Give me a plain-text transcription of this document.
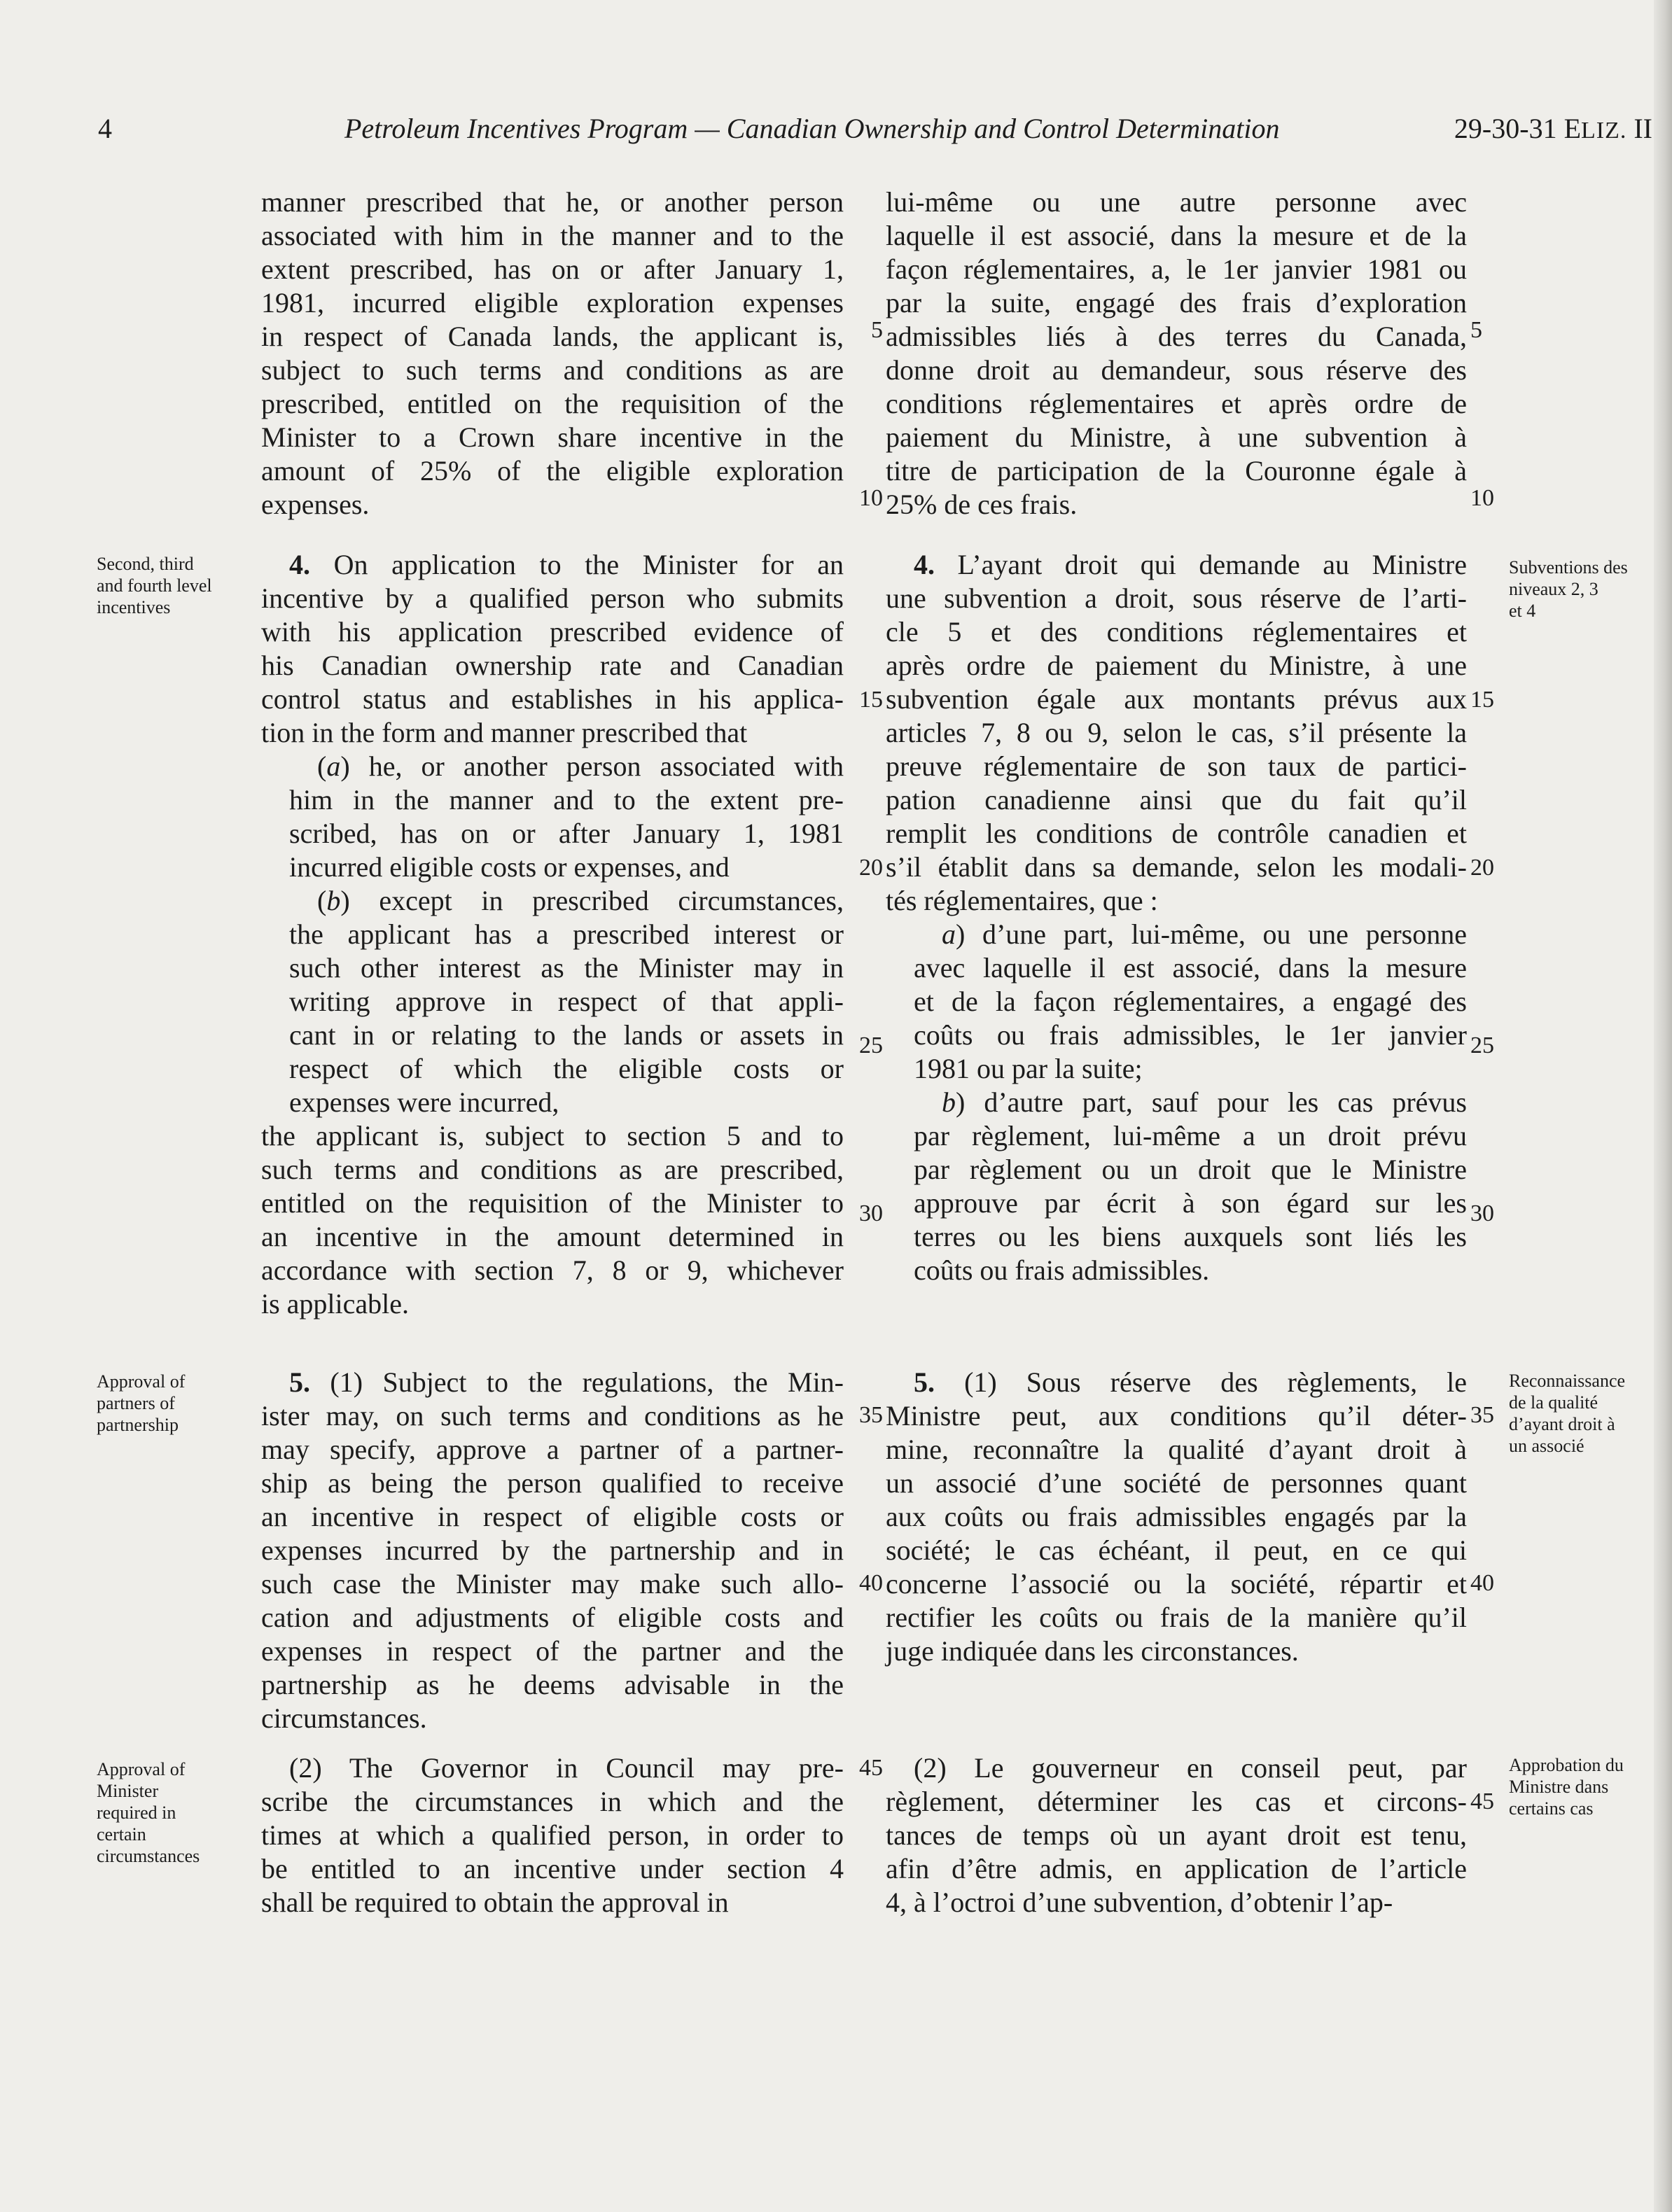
4	Petroleum Incentives Program — Canadian Ownership and Control Determination	29-30-31 ELIZ. II
Second, third
and fourth level
incentives
Approval of
partners of
partnership
Approval of
Minister
required in
certain
circumstances
Subventions des
niveaux 2, 3
et 4
Reconnaissance
de la qualité
d’ayant droit à
un associé
Approbation du
Ministre dans
certains cas
5
10
15
20
25
30
35
40
45
5
10
15
20
25
30
35
40
45
manner prescribed that he, or another person
associated with him in the manner and to the
extent prescribed, has on or after January 1,
1981, incurred eligible exploration expenses
in respect of Canada lands, the applicant is,
subject to such terms and conditions as are
prescribed, entitled on the requisition of the
Minister to a Crown share incentive in the
amount of 25% of the eligible exploration
expenses.
4. On application to the Minister for an
incentive by a qualified person who submits
with his application prescribed evidence of
his Canadian ownership rate and Canadian
control status and establishes in his applica-
tion in the form and manner prescribed that
(a) he, or another person associated with
him in the manner and to the extent pre-
scribed, has on or after January 1, 1981
incurred eligible costs or expenses, and
(b) except in prescribed circumstances,
the applicant has a prescribed interest or
such other interest as the Minister may in
writing approve in respect of that appli-
cant in or relating to the lands or assets in
respect of which the eligible costs or
expenses were incurred,
the applicant is, subject to section 5 and to
such terms and conditions as are prescribed,
entitled on the requisition of the Minister to
an incentive in the amount determined in
accordance with section 7, 8 or 9, whichever
is applicable.
5. (1) Subject to the regulations, the Min-
ister may, on such terms and conditions as he
may specify, approve a partner of a partner-
ship as being the person qualified to receive
an incentive in respect of eligible costs or
expenses incurred by the partnership and in
such case the Minister may make such allo-
cation and adjustments of eligible costs and
expenses in respect of the partner and the
partnership as he deems advisable in the
circumstances.
(2) The Governor in Council may pre-
scribe the circumstances in which and the
times at which a qualified person, in order to
be entitled to an incentive under section 4
shall be required to obtain the approval in
lui-même ou une autre personne avec
laquelle il est associé, dans la mesure et de la
façon réglementaires, a, le 1er janvier 1981 ou
par la suite, engagé des frais d’exploration
admissibles liés à des terres du Canada,
donne droit au demandeur, sous réserve des
conditions réglementaires et après ordre de
paiement du Ministre, à une subvention à
titre de participation de la Couronne égale à
25% de ces frais.
4. L’ayant droit qui demande au Ministre
une subvention a droit, sous réserve de l’arti-
cle 5 et des conditions réglementaires et
après ordre de paiement du Ministre, à une
subvention égale aux montants prévus aux
articles 7, 8 ou 9, selon le cas, s’il présente la
preuve réglementaire de son taux de partici-
pation canadienne ainsi que du fait qu’il
remplit les conditions de contrôle canadien et
s’il établit dans sa demande, selon les modali-
tés réglementaires, que :
a) d’une part, lui-même, ou une personne
avec laquelle il est associé, dans la mesure
et de la façon réglementaires, a engagé des
coûts ou frais admissibles, le 1er janvier
1981 ou par la suite;
b) d’autre part, sauf pour les cas prévus
par règlement, lui-même a un droit prévu
par règlement ou un droit que le Ministre
approuve par écrit à son égard sur les
terres ou les biens auxquels sont liés les
coûts ou frais admissibles.
5. (1) Sous réserve des règlements, le
Ministre peut, aux conditions qu’il déter-
mine, reconnaître la qualité d’ayant droit à
un associé d’une société de personnes quant
aux coûts ou frais admissibles engagés par la
société; le cas échéant, il peut, en ce qui
concerne l’associé ou la société, répartir et
rectifier les coûts ou frais de la manière qu’il
juge indiquée dans les circonstances.
(2) Le gouverneur en conseil peut, par
règlement, déterminer les cas et circons-
tances de temps où un ayant droit est tenu,
afin d’être admis, en application de l’article
4, à l’octroi d’une subvention, d’obtenir l’ap-
